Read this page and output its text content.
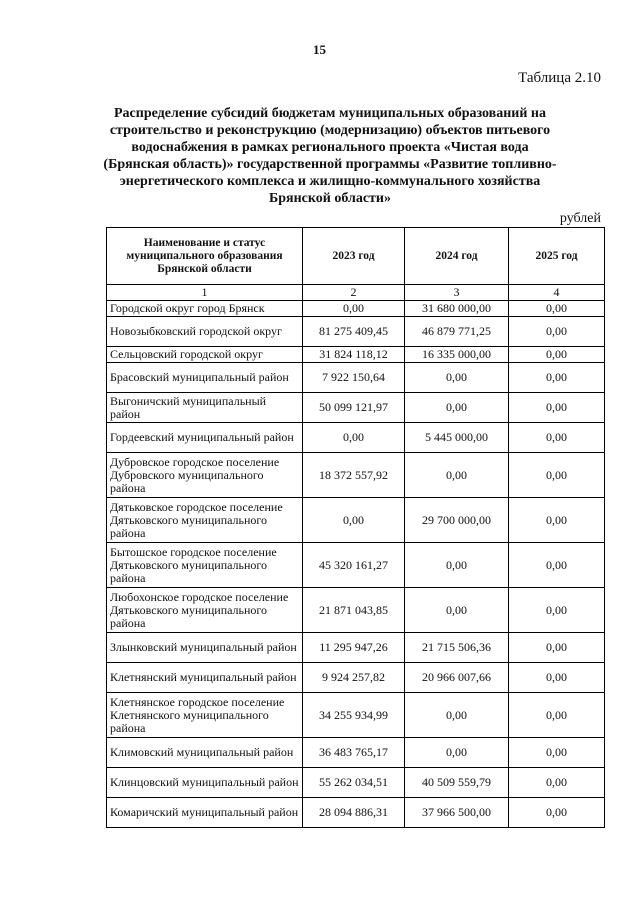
15
Таблица 2.10
Распределение субсидий бюджетам муниципальных образований на строительство и реконструкцию (модернизацию) объектов питьевого водоснабжения в рамках регионального проекта «Чистая вода (Брянская область)» государственной программы «Развитие топливно-энергетического комплекса и жилищно-коммунального хозяйства Брянской области»
рублей
Наименование и статус муниципального образования Брянской области	2023 год	2024 год	2025 год
1	2	3	4
Городской округ город Брянск	0,00	31 680 000,00	0,00
Новозыбковский городской округ	81 275 409,45	46 879 771,25	0,00
Сельцовский городской округ	31 824 118,12	16 335 000,00	0,00
Брасовский муниципальный район	7 922 150,64	0,00	0,00
Выгоничский муниципальный район	50 099 121,97	0,00	0,00
Гордеевский муниципальный район	0,00	5 445 000,00	0,00
Дубровское городское поселение Дубровского муниципального района	18 372 557,92	0,00	0,00
Дятьковское городское поселение Дятьковского муниципального района	0,00	29 700 000,00	0,00
Бытошское городское поселение Дятьковского муниципального района	45 320 161,27	0,00	0,00
Любохонское городское поселение Дятьковского муниципального района	21 871 043,85	0,00	0,00
Злынковский муниципальный район	11 295 947,26	21 715 506,36	0,00
Клетнянский муниципальный район	9 924 257,82	20 966 007,66	0,00
Клетнянское городское поселение Клетнянского муниципального района	34 255 934,99	0,00	0,00
Климовский муниципальный район	36 483 765,17	0,00	0,00
Клинцовский муниципальный район	55 262 034,51	40 509 559,79	0,00
Комаричский муниципальный район	28 094 886,31	37 966 500,00	0,00
